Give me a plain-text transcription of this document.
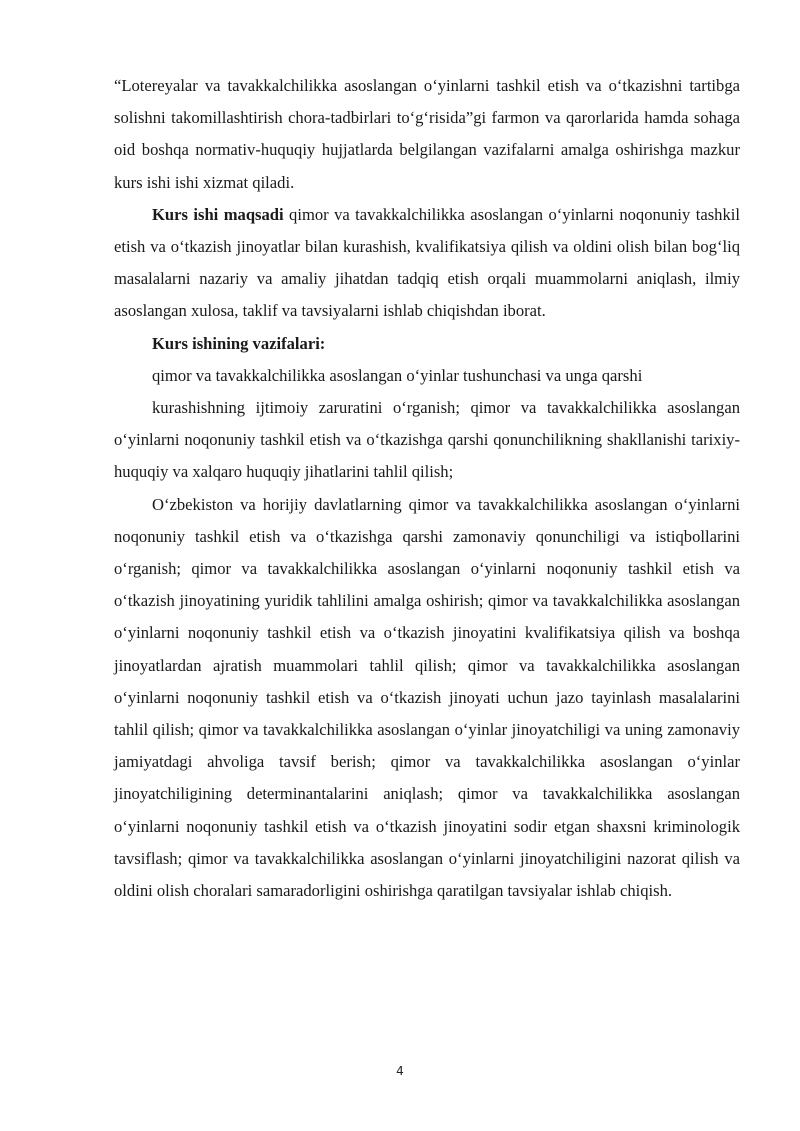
“Lotereyalar va tavakkalchilikka asoslangan o‘yinlarni tashkil etish va o‘tkazishni tartibga solishni takomillashtirish chora-tadbirlari to‘g‘risida”gi farmon va qarorlarida hamda sohaga oid boshqa normativ-huquqiy hujjatlarda belgilangan vazifalarni amalga oshirishga mazkur kurs ishi ishi xizmat qiladi.

Kurs ishi maqsadi qimor va tavakkalchilikka asoslangan o‘yinlarni noqonuniy tashkil etish va o‘tkazish jinoyatlar bilan kurashish, kvalifikatsiya qilish va oldini olish bilan bog‘liq masalalarni nazariy va amaliy jihatdan tadqiq etish orqali muammolarni aniqlash, ilmiy asoslangan xulosa, taklif va tavsiyalarni ishlab chiqishdan iborat.

Kurs ishining vazifalari:

qimor va tavakkalchilikka asoslangan o‘yinlar tushunchasi va unga qarshi

kurashishning ijtimoiy zaruratini o‘rganish; qimor va tavakkalchilikka asoslangan o‘yinlarni noqonuniy tashkil etish va o‘tkazishga qarshi qonunchilikning shakllanishi tarixiy-huquqiy va xalqaro huquqiy jihatlarini tahlil qilish;

O‘zbekiston va horijiy davlatlarning qimor va tavakkalchilikka asoslangan o‘yinlarni noqonuniy tashkil etish va o‘tkazishga qarshi zamonaviy qonunchiligi va istiqbollarini o‘rganish; qimor va tavakkalchilikka asoslangan o‘yinlarni noqonuniy tashkil etish va o‘tkazish jinoyatining yuridik tahlilini amalga oshirish; qimor va tavakkalchilikka asoslangan o‘yinlarni noqonuniy tashkil etish va o‘tkazish jinoyatini kvalifikatsiya qilish va boshqa jinoyatlardan ajratish muammolari tahlil qilish; qimor va tavakkalchilikka asoslangan o‘yinlarni noqonuniy tashkil etish va o‘tkazish jinoyati uchun jazo tayinlash masalalarini tahlil qilish; qimor va tavakkalchilikka asoslangan o‘yinlar jinoyatchiligi va uning zamonaviy jamiyatdagi ahvoliga tavsif berish; qimor va tavakkalchilikka asoslangan o‘yinlar jinoyatchiligining determinantalarini aniqlash; qimor va tavakkalchilikka asoslangan o‘yinlarni noqonuniy tashkil etish va o‘tkazish jinoyatini sodir etgan shaxsni kriminologik tavsiflash; qimor va tavakkalchilikka asoslangan o‘yinlarni jinoyatchiligini nazorat qilish va oldini olish choralari samaradorligini oshirishga qaratilgan tavsiyalar ishlab chiqish.

4
